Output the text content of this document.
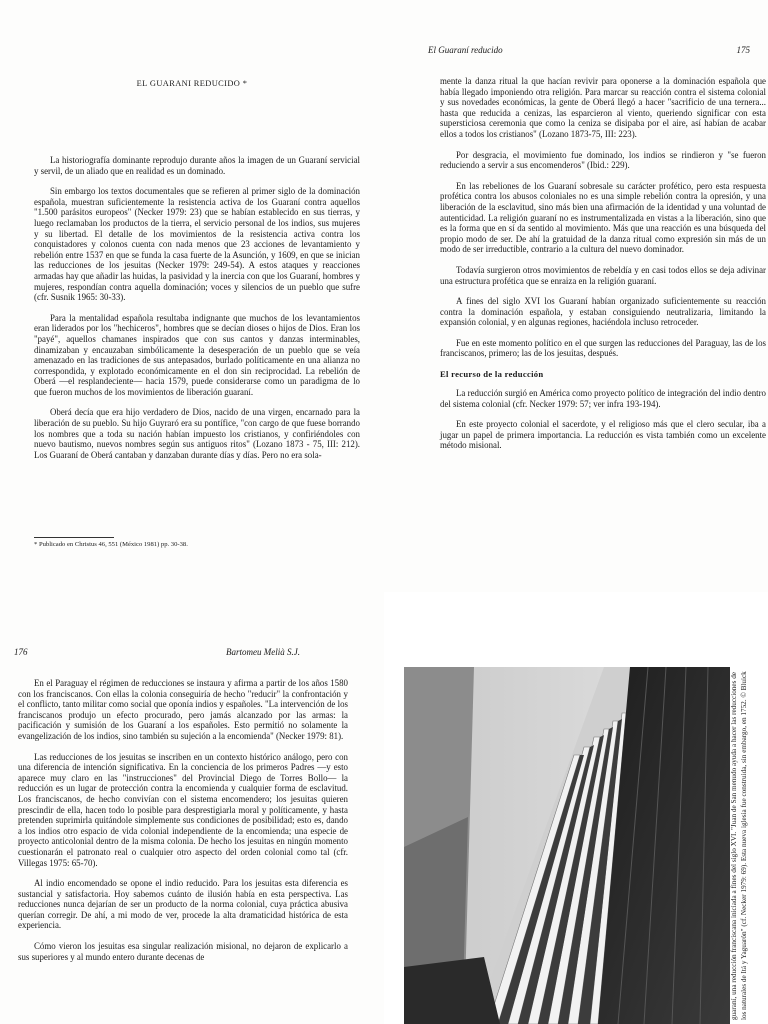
EL GUARANI REDUCIDO *

La historiografía dominante reprodujo durante años la imagen de un Guaraní servicial y servil, de un aliado que en realidad es un dominado.

Sin embargo los textos documentales que se refieren al primer siglo de la dominación española, muestran suficientemente la resistencia activa de los Guaraní contra aquellos "1.500 parásitos europeos" (Necker 1979: 23) que se habían establecido en sus tierras, y luego reclamaban los productos de la tierra, el servicio personal de los indios, sus mujeres y su libertad. El detalle de los movimientos de la resistencia activa contra los conquistadores y colonos cuenta con nada menos que 23 acciones de levantamiento y rebelión entre 1537 en que se funda la casa fuerte de la Asunción, y 1609, en que se inician las reducciones de los jesuitas (Necker 1979: 249-54). A estos ataques y reacciones armadas hay que añadir las huidas, la pasividad y la inercia con que los Guaraní, hombres y mujeres, respondían contra aquella dominación; voces y silencios de un pueblo que sufre (cfr. Susnik 1965: 30-33).

Para la mentalidad española resultaba indignante que muchos de los levantamientos eran liderados por los "hechiceros", hombres que se decían dioses o hijos de Dios. Eran los "payé", aquellos chamanes inspirados que con sus cantos y danzas interminables, dinamizaban y encauzaban simbólicamente la desesperación de un pueblo que se veía amenazado en las tradiciones de sus antepasados, burlado políticamente en una alianza no correspondida, y explotado económicamente en el don sin reciprocidad. La rebelión de Oberá —el resplandeciente— hacia 1579, puede considerarse como un paradigma de lo que fueron muchos de los movimientos de liberación guaraní.

Oberá decía que era hijo verdadero de Dios, nacido de una virgen, encarnado para la liberación de su pueblo. Su hijo Guyraró era su pontífice, "con cargo de que fuese borrando los nombres que a toda su nación habían impuesto los cristianos, y confiriéndoles con nuevo bautismo, nuevos nombres según sus antiguos ritos" (Lozano 1873 - 75, III: 212). Los Guaraní de Oberá cantaban y danzaban durante días y días. Pero no era sola-

* Publicado en Christus 46, 551 (México 1981) pp. 30-38.
El Guaraní reducido	175

mente la danza ritual la que hacían revivir para oponerse a la dominación española que había llegado imponiendo otra religión. Para marcar su reacción contra el sistema colonial y sus novedades económicas, la gente de Oberá llegó a hacer "sacrificio de una ternera... hasta que reducida a cenizas, las esparcieron al viento, queriendo significar con esta supersticiosa ceremonia que como la ceniza se disipaba por el aire, así habían de acabar ellos a todos los cristianos" (Lozano 1873-75, III: 223).

Por desgracia, el movimiento fue dominado, los indios se rindieron y "se fueron reduciendo a servir a sus encomenderos" (Ibid.: 229).

En las rebeliones de los Guaraní sobresale su carácter profético, pero esta respuesta profética contra los abusos coloniales no es una simple rebelión contra la opresión, y una liberación de la esclavitud, sino más bien una afirmación de la identidad y una voluntad de autenticidad. La religión guaraní no es instrumentalizada en vistas a la liberación, sino que es la forma que en sí da sentido al movimiento. Más que una reacción es una búsqueda del propio modo de ser. De ahí la gratuidad de la danza ritual como expresión sin más de un modo de ser irreductible, contrario a la cultura del nuevo dominador.

Todavía surgieron otros movimientos de rebeldía y en casi todos ellos se deja adivinar una estructura profética que se enraiza en la religión guaraní.

A fines del siglo XVI los Guaraní habían organizado suficientemente su reacción contra la dominación española, y estaban consiguiendo neutralizaria, limitando la expansión colonial, y en algunas regiones, haciéndola incluso retroceder.

Fue en este momento político en el que surgen las reducciones del Paraguay, las de los franciscanos, primero; las de los jesuitas, después.

El recurso de la reducción

La reducción surgió en América como proyecto político de integración del indio dentro del sistema colonial (cfr. Necker 1979: 57; ver infra 193-194).

En este proyecto colonial el sacerdote, y el religioso más que el clero secular, iba a jugar un papel de primera importancia. La reducción es vista también como un excelente método misional.

176	Bartomeu Melià S.J.

En el Paraguay el régimen de reducciones se instaura y afirma a partir de los años 1580 con los franciscanos. Con ellas la colonia conseguiría de hecho "reducir" la confrontación y el conflicto, tanto militar como social que oponía indios y españoles. "La intervención de los franciscanos produjo un efecto procurado, pero jamás alcanzado por las armas: la pacificación y sumisión de los Guaraní a los españoles. Esto permitió no solamente la evangelización de los indios, sino también su sujeción a la encomienda" (Necker 1979: 81).

Las reducciones de los jesuitas se inscriben en un contexto histórico análogo, pero con una diferencia de intención significativa. En la conciencia de los primeros Padres —y esto aparece muy claro en las "instrucciones" del Provincial Diego de Torres Bollo— la reducción es un lugar de protección contra la encomienda y cualquier forma de esclavitud. Los franciscanos, de hecho convivían con el sistema encomendero; los jesuitas quieren prescindir de ella, hacen todo lo posible para desprestigiarla moral y políticamente, y hasta pretenden suprimirla quitándole simplemente sus condiciones de posibilidad; esto es, dando a los indios otro espacio de vida colonial independiente de la encomienda; una especie de proyecto anticolonial dentro de la misma colonia. De hecho los jesuitas en ningún momento cuestionarán el patronato real o cualquier otro aspecto del orden colonial como tal (cfr. Villegas 1975: 65-70).

Al indio encomendado se opone el indio reducido. Para los jesuitas esta diferencia es sustancial y satisfactoria. Hoy sabemos cuánto de ilusión había en esta perspectiva. Las reducciones nunca dejarían de ser un producto de la norma colonial, cuya práctica abusiva querían corregir. De ahí, a mi modo de ver, procede la alta dramaticidad histórica de esta experiencia.

Cómo vieron los jesuitas esa singular realización misional, no dejaron de explicarlo a sus superiores y al mundo entero durante decenas de	guaraní, una reducción franciscana iniciada a fines del siglo XVI. "Juan de San menudo ayuda a hacer las reducciones de los naturales de Itá y Yaguarón" (cf. Necker 1979: 69). Esta nueva iglesia fue construida, sin embargo, en 1752. © Bluick
